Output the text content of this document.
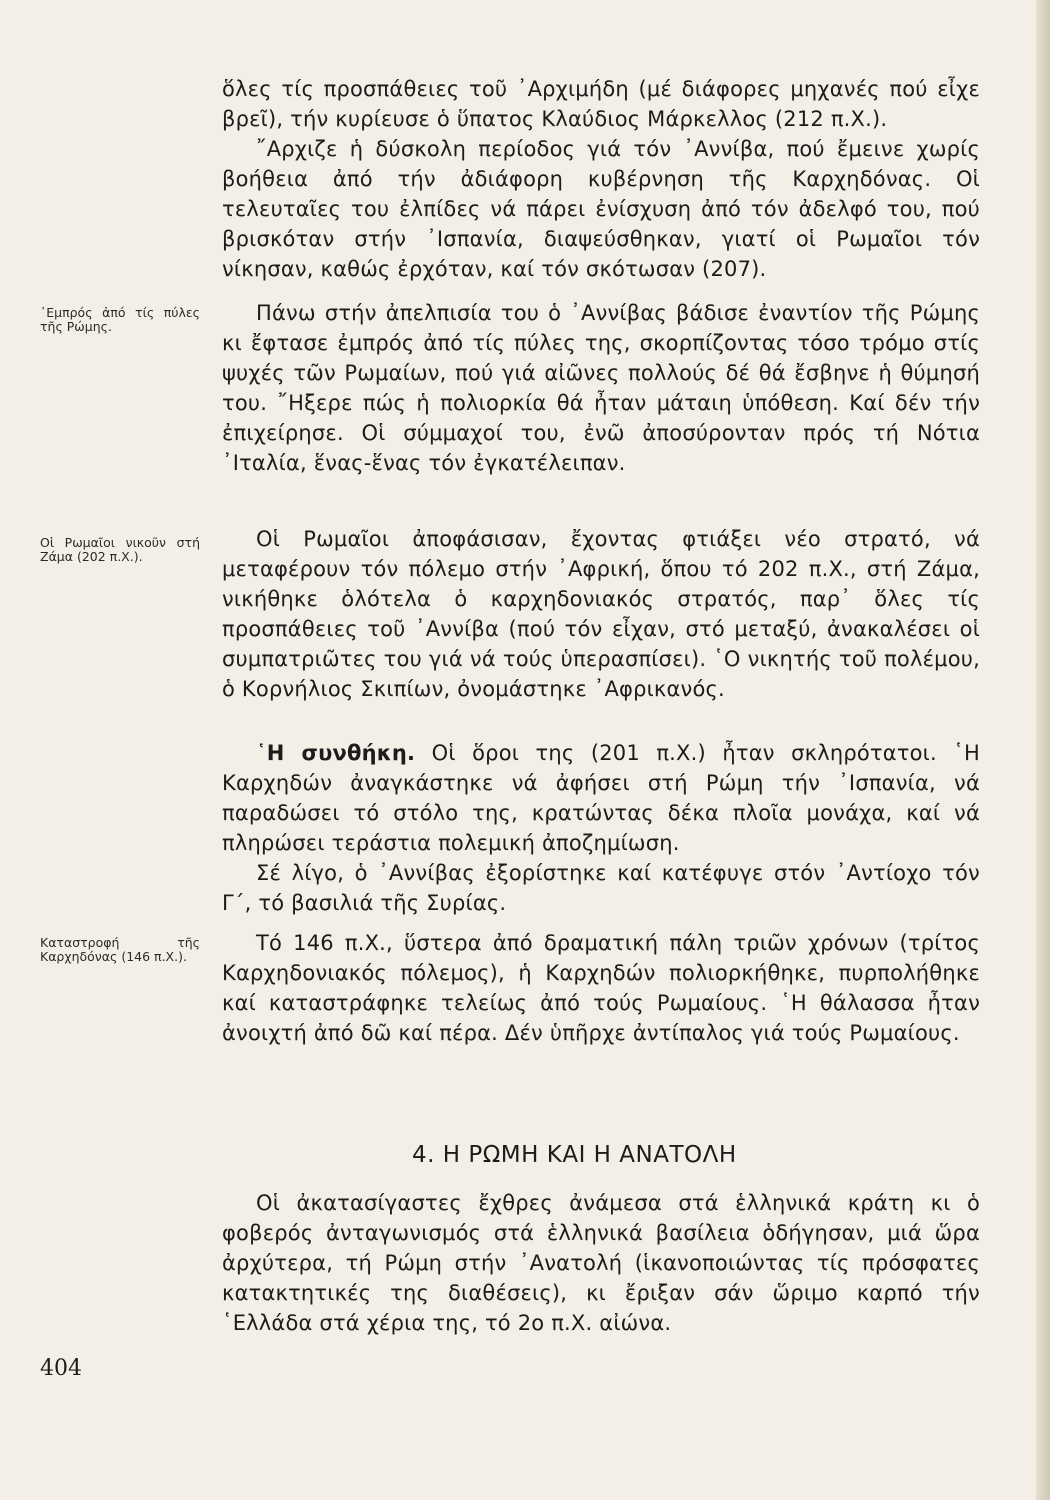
ὅλες τίς προσπάθειες τοῦ ᾿Αρχιμήδη (μέ διάφορες μηχανές πού εἶχε βρεῖ), τήν κυρίευσε ὁ ὕπατος Κλαύδιος Μάρκελλος (212 π.Χ.).

῎Αρχιζε ἡ δύσκολη περίοδος γιά τόν ᾿Αννίβα, πού ἔμεινε χωρίς βοήθεια ἀπό τήν ἀδιάφορη κυβέρνηση τῆς Καρχηδόνας. Οἱ τελευταῖες του ἐλπίδες νά πάρει ἐνίσχυση ἀπό τόν ἀδελφό του, πού βρισκόταν στήν ᾿Ισπανία, διαψεύσθηκαν, γιατί οἱ Ρωμαῖοι τόν νίκησαν, καθώς ἐρχόταν, καί τόν σκότωσαν (207).

Πάνω στήν ἀπελπισία του ὁ ᾿Αννίβας βάδισε ἐναντίον τῆς Ρώμης κι ἔφτασε ἐμπρός ἀπό τίς πύλες της, σκορπίζοντας τόσο τρόμο στίς ψυχές τῶν Ρωμαίων, πού γιά αἰῶνες πολλούς δέ θά ἔσβηνε ἡ θύμησή του. ῎Ηξερε πώς ἡ πολιορκία θά ἦταν μάταιη ὑπόθεση. Καί δέν τήν ἐπιχείρησε. Οἱ σύμμαχοί του, ἐνῶ ἀποσύρονταν πρός τή Νότια ᾿Ιταλία, ἕνας-ἕνας τόν ἐγκατέλειπαν.

Οἱ Ρωμαῖοι ἀποφάσισαν, ἔχοντας φτιάξει νέο στρατό, νά μεταφέρουν τόν πόλεμο στήν ᾿Αφρική, ὅπου τό 202 π.Χ., στή Ζάμα, νικήθηκε ὁλότελα ὁ καρχηδονιακός στρατός, παρ᾿ ὅλες τίς προσπάθειες τοῦ ᾿Αννίβα (πού τόν εἶχαν, στό μεταξύ, ἀνακαλέσει οἱ συμπατριῶτες του γιά νά τούς ὑπερασπίσει). ῾Ο νικητής τοῦ πολέμου, ὁ Κορνήλιος Σκιπίων, ὀνομάστηκε ᾿Αφρικανός.

῾Η συνθήκη. Οἱ ὅροι της (201 π.Χ.) ἦταν σκληρότατοι. ῾Η Καρχηδών ἀναγκάστηκε νά ἀφήσει στή Ρώμη τήν ᾿Ισπανία, νά παραδώσει τό στόλο της, κρατώντας δέκα πλοῖα μονάχα, καί νά πληρώσει τεράστια πολεμική ἀποζημίωση.

Σέ λίγο, ὁ ᾿Αννίβας ἐξορίστηκε καί κατέφυγε στόν ᾿Αντίοχο τόν Γ΄, τό βασιλιά τῆς Συρίας.

Τό 146 π.Χ., ὕστερα ἀπό δραματική πάλη τριῶν χρόνων (τρίτος Καρχηδονιακός πόλεμος), ἡ Καρχηδών πολιορκήθηκε, πυρπολήθηκε καί καταστράφηκε τελείως ἀπό τούς Ρωμαίους. ῾Η θάλασσα ἦταν ἀνοιχτή ἀπό δῶ καί πέρα. Δέν ὑπῆρχε ἀντίπαλος γιά τούς Ρωμαίους.

4. Η ΡΩΜΗ ΚΑΙ Η ΑΝΑΤΟΛΗ

Οἱ ἀκατασίγαστες ἔχθρες ἀνάμεσα στά ἑλληνικά κράτη κι ὁ φοβερός ἀνταγωνισμός στά ἑλληνικά βασίλεια ὁδήγησαν, μιά ὥρα ἀρχύτερα, τή Ρώμη στήν ᾿Ανατολή (ἱκανοποιώντας τίς πρόσφατες κατακτητικές της διαθέσεις), κι ἔριξαν σάν ὥριμο καρπό τήν ῾Ελλάδα στά χέρια της, τό 2ο π.Χ. αἰώνα.

᾿Εμπρός ἀπό τίς πύλες τῆς Ρώμης.
Οἱ Ρωμαῖοι νικοῦν στή Ζάμα (202 π.Χ.).
Καταστροφή τῆς Καρχηδόνας (146 π.Χ.).
404
